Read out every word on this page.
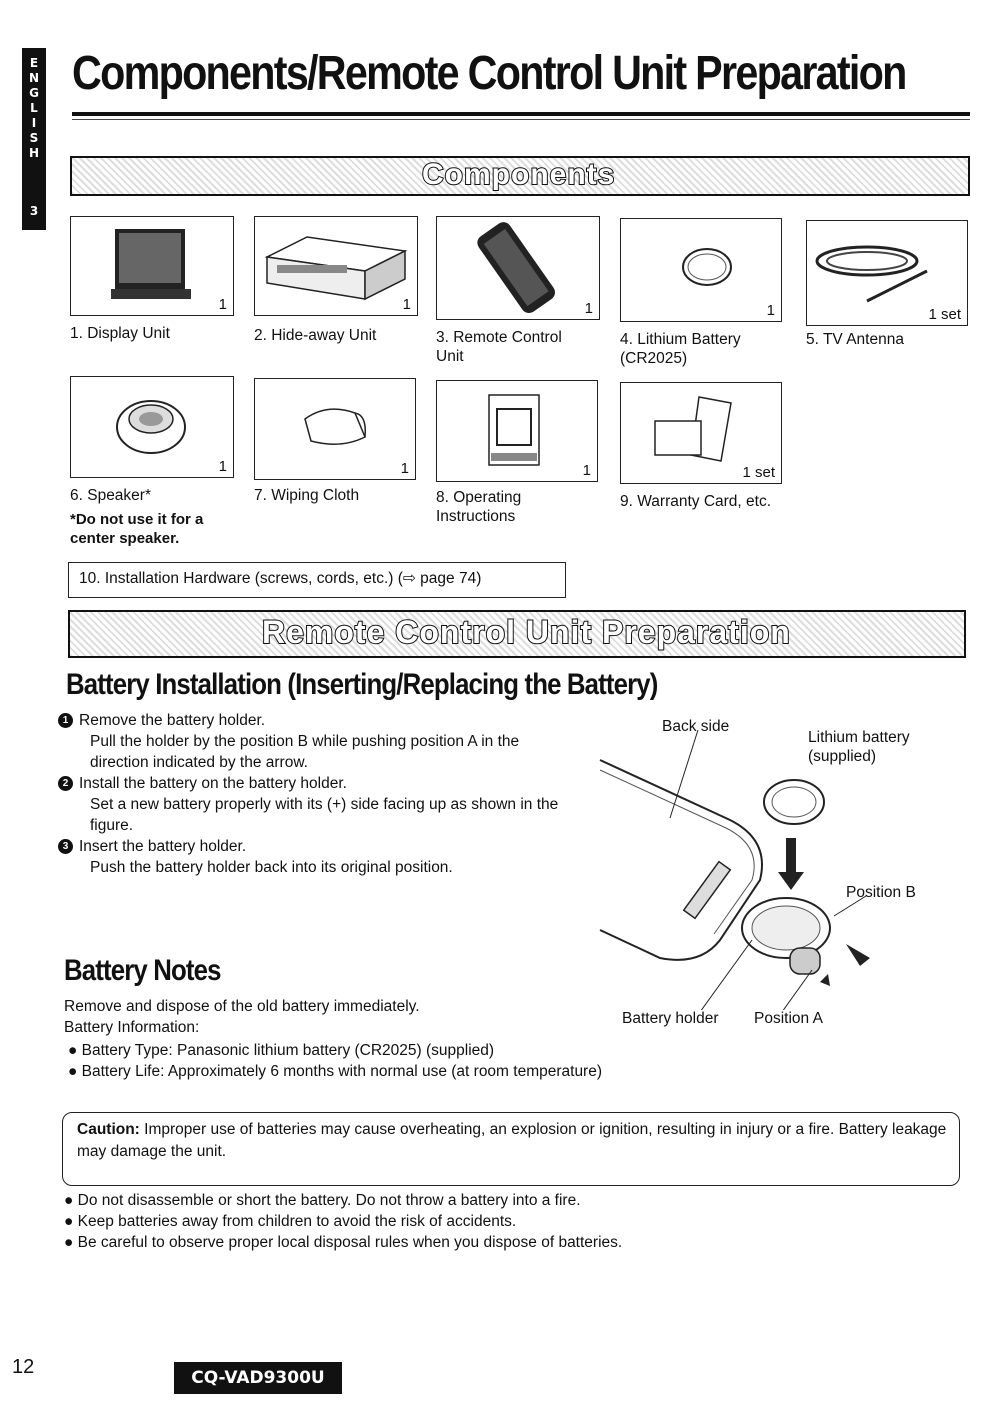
E
N
G
L
I
S
H
3
Components/Remote Control Unit Preparation
Components
1
1. Display Unit
1
2. Hide-away Unit
1
3. Remote Control
Unit
1
4. Lithium Battery
(CR2025)
1 set
5. TV Antenna
1
6. Speaker*
*Do not use it for a
center speaker.
1
7. Wiping Cloth
1
8. Operating
Instructions
1 set
9. Warranty Card, etc.
10. Installation Hardware (screws, cords, etc.) (⇨ page 74)
Remote Control Unit Preparation
Battery Installation (Inserting/Replacing the Battery)
1 Remove the battery holder.
Pull the holder by the position B while pushing position A in the direction indicated by the arrow.
2 Install the battery on the battery holder.
Set a new battery properly with its (+) side facing up as shown in the figure.
3 Insert the battery holder.
Push the battery holder back into its original position.
Back side
Lithium battery
(supplied)
Position B
Battery holder Position A
Battery Notes
Remove and dispose of the old battery immediately.
Battery Information:
● Battery Type: Panasonic lithium battery (CR2025) (supplied)
● Battery Life: Approximately 6 months with normal use (at room temperature)
Caution: Improper use of batteries may cause overheating, an explosion or ignition, resulting in injury or a fire. Battery leakage may damage the unit.
● Do not disassemble or short the battery. Do not throw a battery into a fire.
● Keep batteries away from children to avoid the risk of accidents.
● Be careful to observe proper local disposal rules when you dispose of batteries.
12	CQ-VAD9300U
